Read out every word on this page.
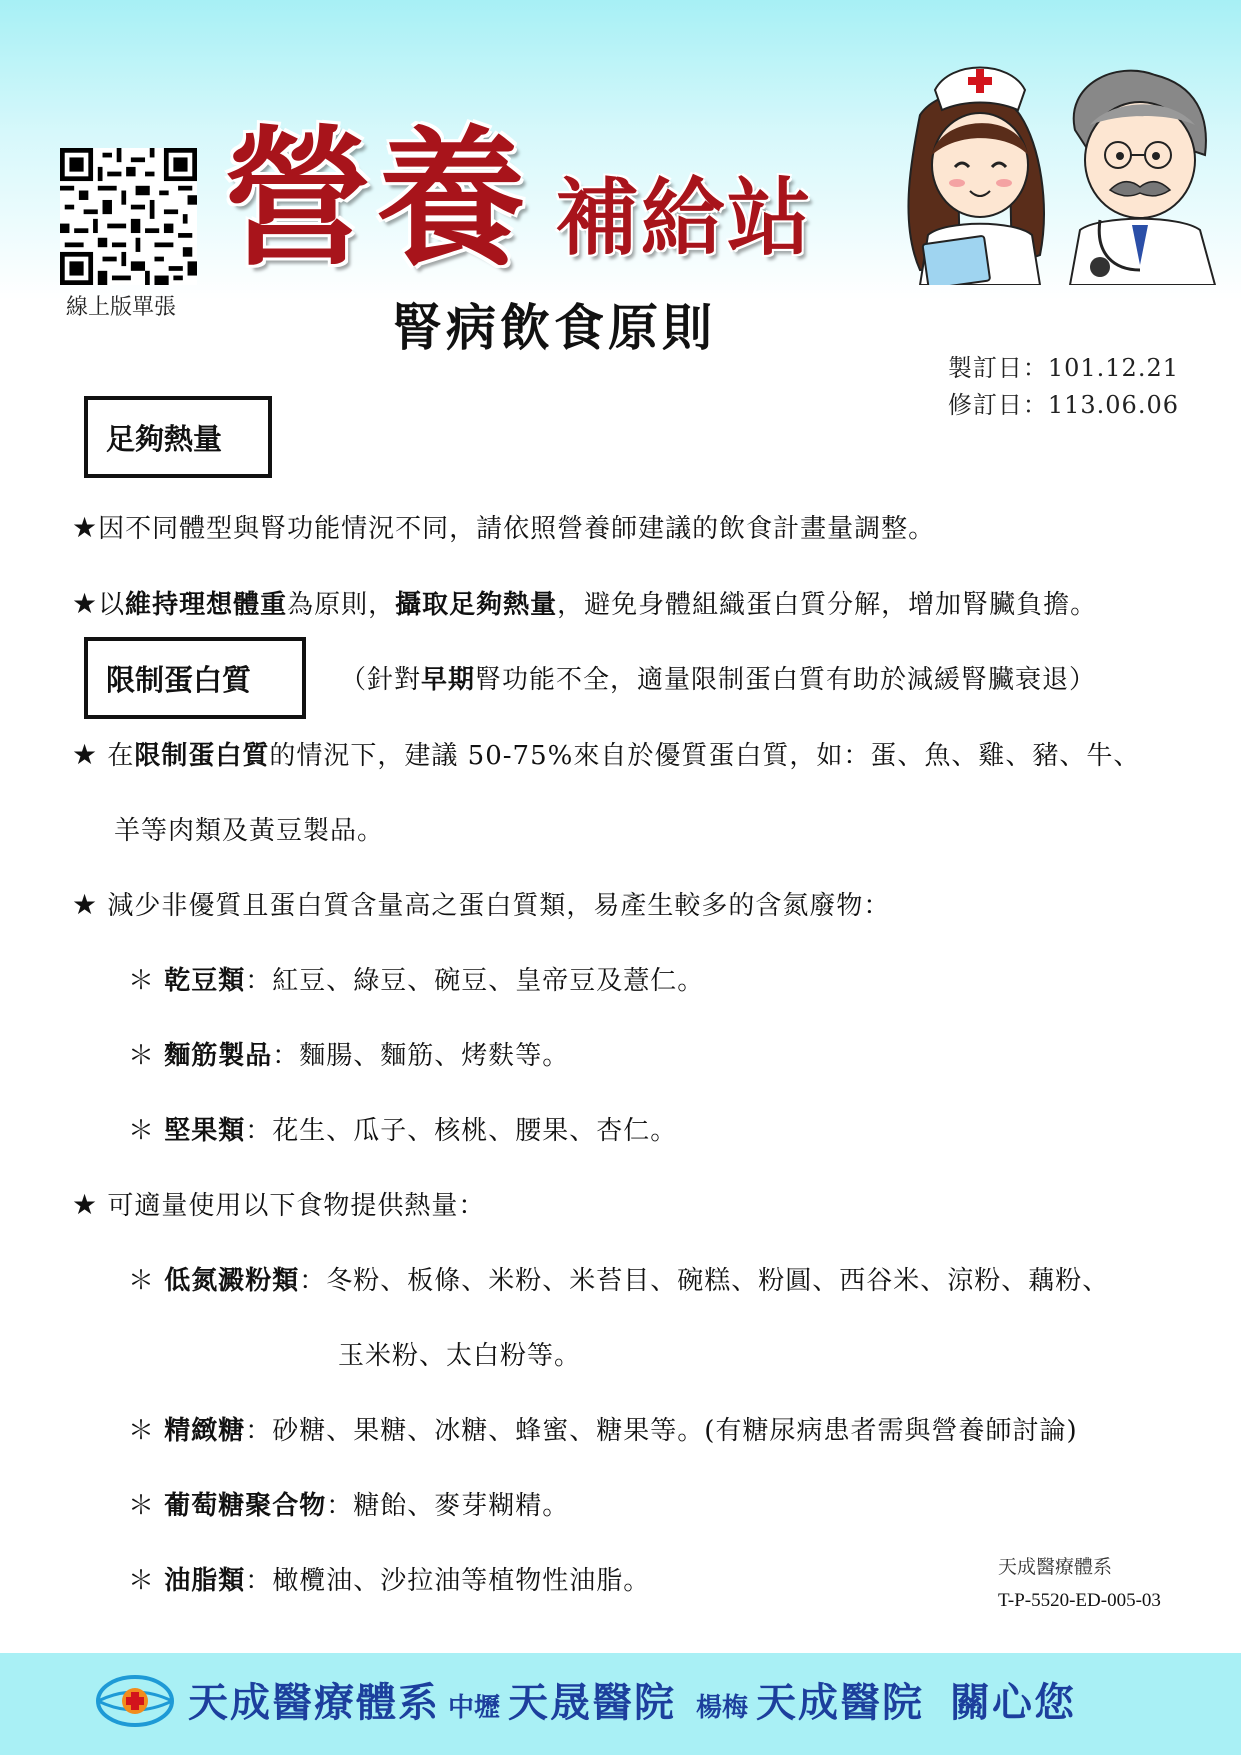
線上版單張
營養 補給站
腎病飲食原則
製訂日：101.12.21
修訂日：113.06.06
足夠熱量
★因不同體型與腎功能情況不同，請依照營養師建議的飲食計畫量調整。
★以維持理想體重為原則，攝取足夠熱量，避免身體組織蛋白質分解，增加腎臟負擔。
限制蛋白質	（針對早期腎功能不全，適量限制蛋白質有助於減緩腎臟衰退）
★ 在限制蛋白質的情況下，建議 50-75%來自於優質蛋白質，如：蛋、魚、雞、豬、牛、
羊等肉類及黃豆製品。
★ 減少非優質且蛋白質含量高之蛋白質類，易產生較多的含氮廢物：
＊ 乾豆類：紅豆、綠豆、碗豆、皇帝豆及薏仁。
＊ 麵筋製品：麵腸、麵筋、烤麩等。
＊ 堅果類：花生、瓜子、核桃、腰果、杏仁。
★ 可適量使用以下食物提供熱量：
＊ 低氮澱粉類：冬粉、板條、米粉、米苔目、碗糕、粉圓、西谷米、涼粉、藕粉、
玉米粉、太白粉等。
＊ 精緻糖：砂糖、果糖、冰糖、蜂蜜、糖果等。(有糖尿病患者需與營養師討論)
＊ 葡萄糖聚合物：糖飴、麥芽糊精。
＊ 油脂類：橄欖油、沙拉油等植物性油脂。	天成醫療體系
T-P-5520-ED-005-03
天成醫療體系 中壢 天晟醫院 楊梅 天成醫院 關心您
